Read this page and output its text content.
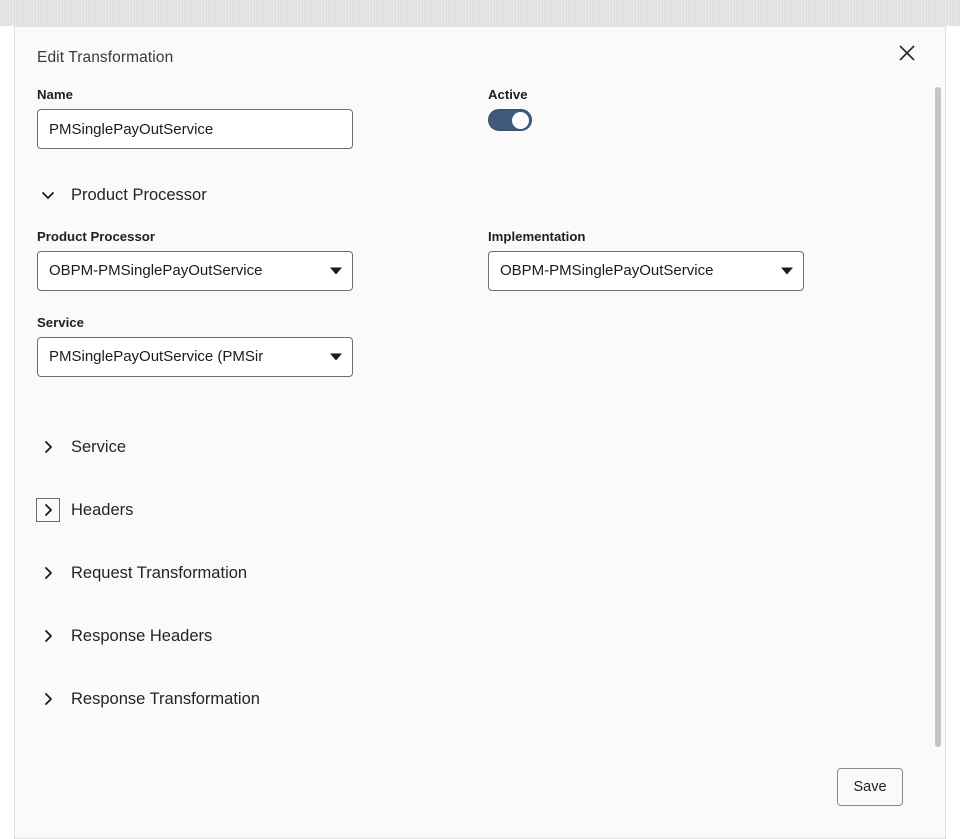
Edit Transformation
Name
PMSinglePayOutService	Active
Product Processor
Product Processor
OBPM-PMSinglePayOutService
Implementation
OBPM-PMSinglePayOutService
Service
PMSinglePayOutService (PMSir
Service
Headers
Request Transformation
Response Headers
Response Transformation
Save
